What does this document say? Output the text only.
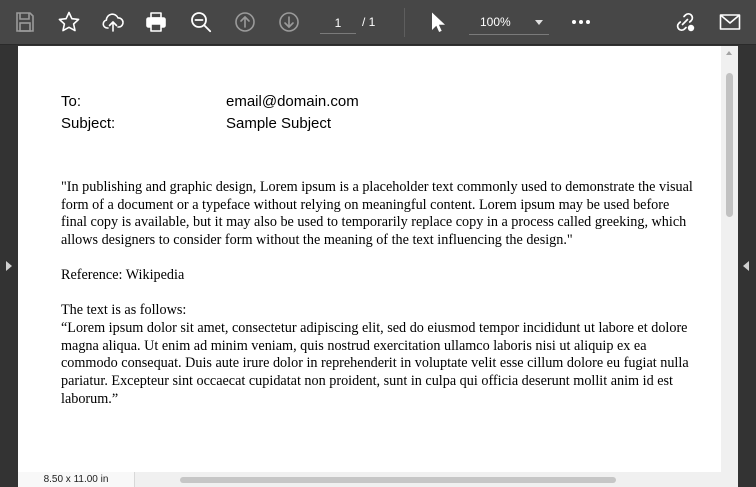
1
/ 1	100%
To:	email@domain.com
Subject:	Sample Subject

"In publishing and graphic design, Lorem ipsum is a placeholder text commonly used to demonstrate the visual form of a document or a typeface without relying on meaningful content. Lorem ipsum may be used before final copy is available, but it may also be used to temporarily replace copy in a process called greeking, which allows designers to consider form without the meaning of the text influencing the design."

Reference: Wikipedia

The text is as follows:

“Lorem ipsum dolor sit amet, consectetur adipiscing elit, sed do eiusmod tempor incididunt ut labore et dolore magna aliqua. Ut enim ad minim veniam, quis nostrud exercitation ullamco laboris nisi ut aliquip ex ea commodo consequat. Duis aute irure dolor in reprehenderit in voluptate velit esse cillum dolore eu fugiat nulla pariatur. Excepteur sint occaecat cupidatat non proident, sunt in culpa qui officia deserunt mollit anim id est laborum.”

8.50 x 11.00 in
